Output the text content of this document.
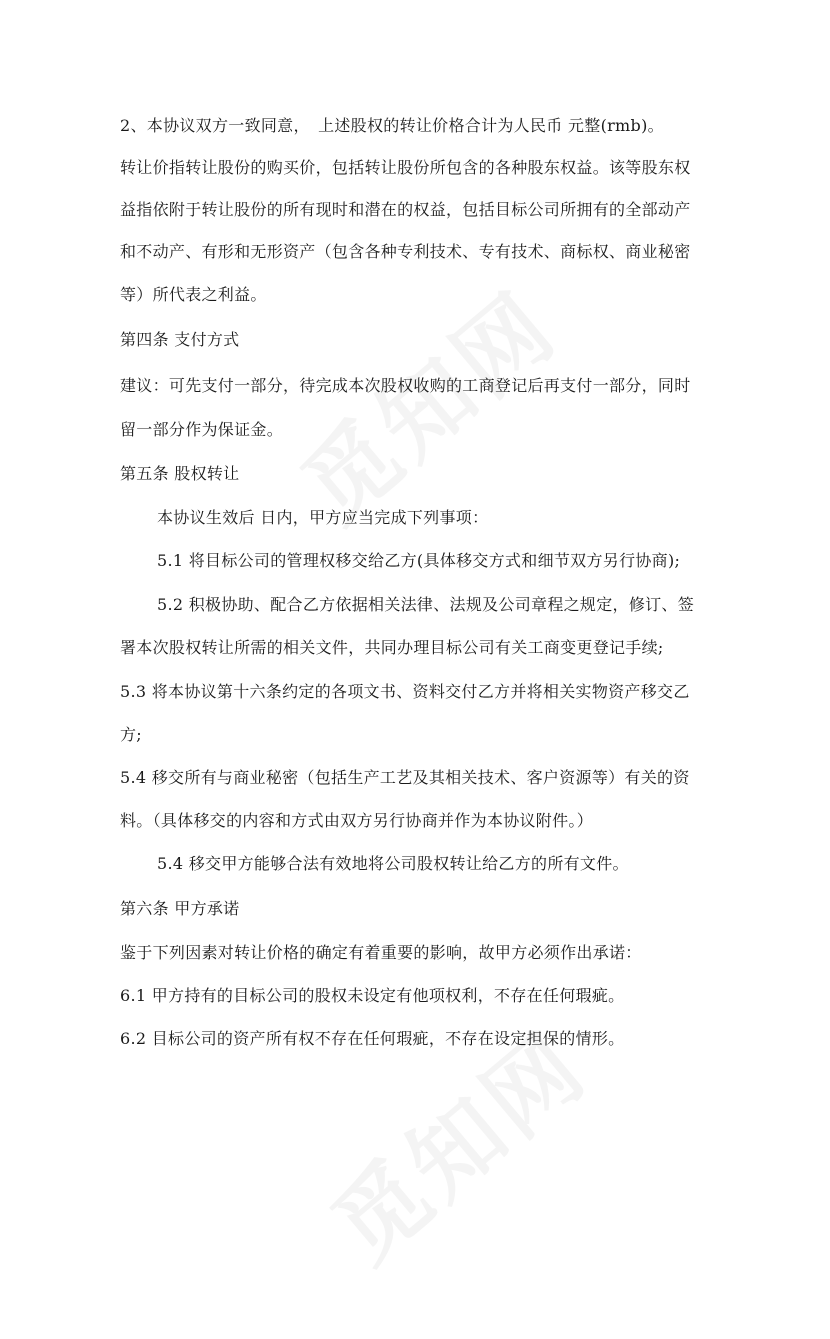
2、本协议双方一致同意，　上述股权的转让价格合计为人民币 元整(rmb)。
转让价指转让股份的购买价，包括转让股份所包含的各种股东权益。该等股东权
益指依附于转让股份的所有现时和潜在的权益，包括目标公司所拥有的全部动产
和不动产、有形和无形资产（包含各种专利技术、专有技术、商标权、商业秘密
等）所代表之利益。
第四条 支付方式
建议：可先支付一部分，待完成本次股权收购的工商登记后再支付一部分，同时
留一部分作为保证金。
第五条 股权转让
本协议生效后 日内，甲方应当完成下列事项：
5.1 将目标公司的管理权移交给乙方(具体移交方式和细节双方另行协商);
5.2 积极协助、配合乙方依据相关法律、法规及公司章程之规定，修订、签
署本次股权转让所需的相关文件，共同办理目标公司有关工商变更登记手续;
5.3 将本协议第十六条约定的各项文书、资料交付乙方并将相关实物资产移交乙
方;
5.4 移交所有与商业秘密（包括生产工艺及其相关技术、客户资源等）有关的资
料。（具体移交的内容和方式由双方另行协商并作为本协议附件。）
5.4 移交甲方能够合法有效地将公司股权转让给乙方的所有文件。
第六条 甲方承诺
鉴于下列因素对转让价格的确定有着重要的影响，故甲方必须作出承诺：
6.1 甲方持有的目标公司的股权未设定有他项权利，不存在任何瑕疵。
6.2 目标公司的资产所有权不存在任何瑕疵，不存在设定担保的情形。
